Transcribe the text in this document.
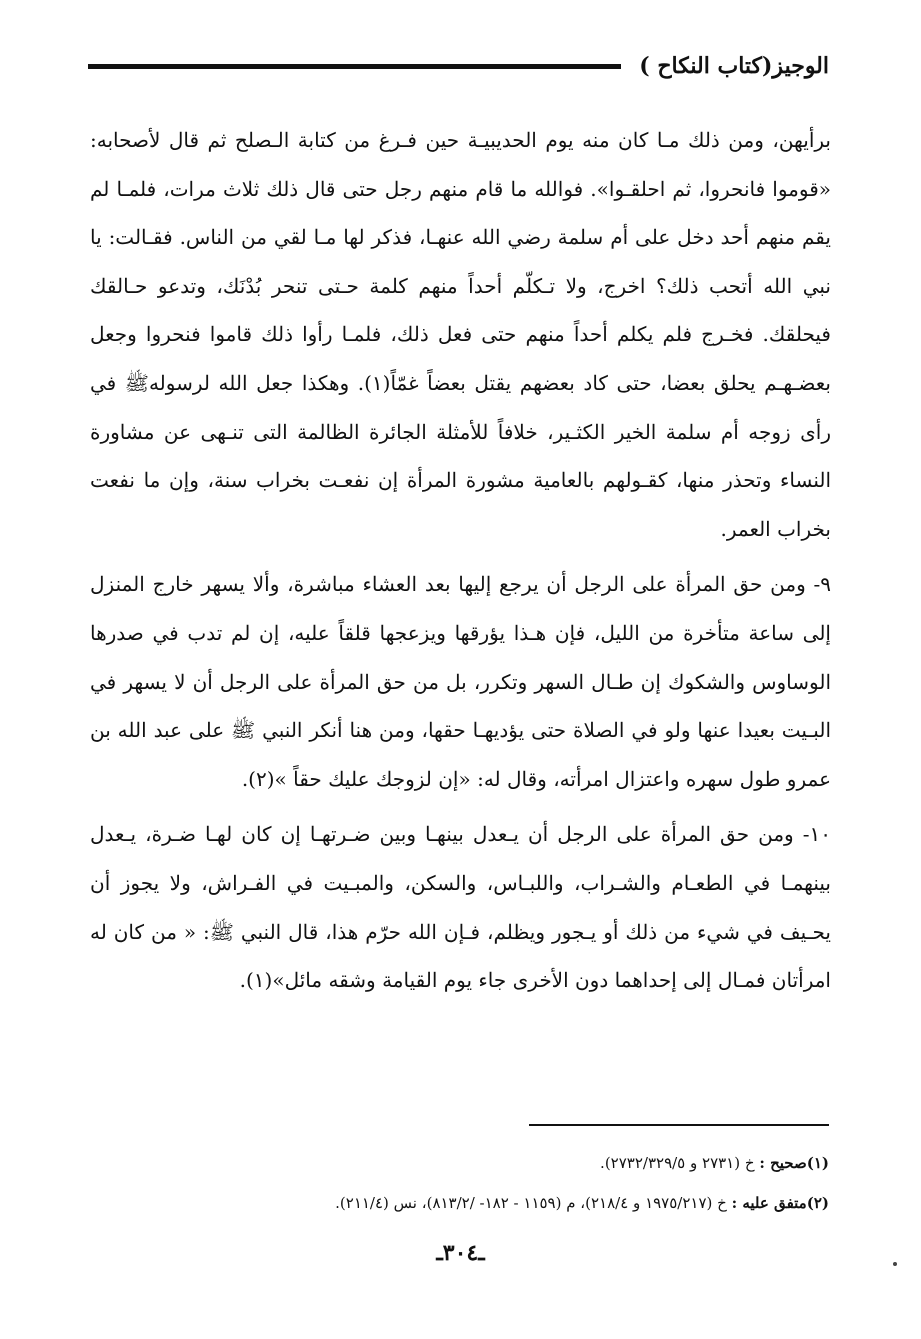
الوجيز(كتاب النكاح )

برأيهن، ومن ذلك مـا كان منه يوم الحديبيـة حين فـرغ من كتابة الـصلح ثم قال لأصحابه: «قوموا فانحروا، ثم احلقـوا». فوالله ما قام منهم رجل حتى قال ذلك ثلاث مرات، فلمـا لم يقم منهم أحد دخل على أم سلمة رضي الله عنهـا، فذكر لها مـا لقي من الناس. فقـالت: يا نبي الله أتحب ذلك؟ اخرج، ولا تـكلّم أحداً منهم كلمة حـتى تنحر بُدْنَك، وتدعو حـالقك فيحلقك. فخـرج فلم يكلم أحداً منهم حتى فعل ذلك، فلمـا رأوا ذلك قاموا فنحروا وجعل بعضـهـم يحلق بعضا، حتى كاد بعضهم يقتل بعضاً غمّاً(١). وهكذا جعل الله لرسولهﷺ في رأى زوجه أم سلمة الخير الكثـير، خلافاً للأمثلة الجائرة الظالمة التى تنـهى عن مشاورة النساء وتحذر منها، كقـولهم بالعامية مشورة المرأة إن نفعـت بخراب سنة، وإن ما نفعت بخراب العمر.

٩- ومن حق المرأة على الرجل أن يرجع إليها بعد العشاء مباشرة، وألا يسهر خارج المنزل إلى ساعة متأخرة من الليل، فإن هـذا يؤرقها ويزعجها قلقاً عليه، إن لم تدب في صدرها الوساوس والشكوك إن طـال السهر وتكرر، بل من حق المرأة على الرجل أن لا يسهر في البـيت بعيدا عنها ولو في الصلاة حتى يؤديهـا حقها، ومن هنا أنكر النبي ﷺ على عبد الله بن عمرو طول سهره واعتزال امرأته، وقال له: «إن لزوجك عليك حقاً »(٢).

١٠- ومن حق المرأة على الرجل أن يـعدل بينهـا وبين ضـرتهـا إن كان لهـا ضـرة، يـعدل بينهمـا في الطعـام والشـراب، واللبـاس، والسكن، والمبـيت في الفـراش، ولا يجوز أن يحـيف في شيء من ذلك أو يـجور ويظلم، فـإن الله حرّم هذا، قال النبي ﷺ: « من كان له امرأتان فمـال إلى إحداهما دون الأخرى جاء يوم القيامة وشقه مائل»(١).

(١)صحيح : خ (٢٧٣١ و ٢٧٣٢/٣٢٩/٥).

(٢)متفق عليه : خ (١٩٧٥/٢١٧ و ٢١٨/٤)، م (١١٥٩ - ١٨٢- /٨١٣/٢)، نس (٢١١/٤).

ـ٣٠٤ـ
